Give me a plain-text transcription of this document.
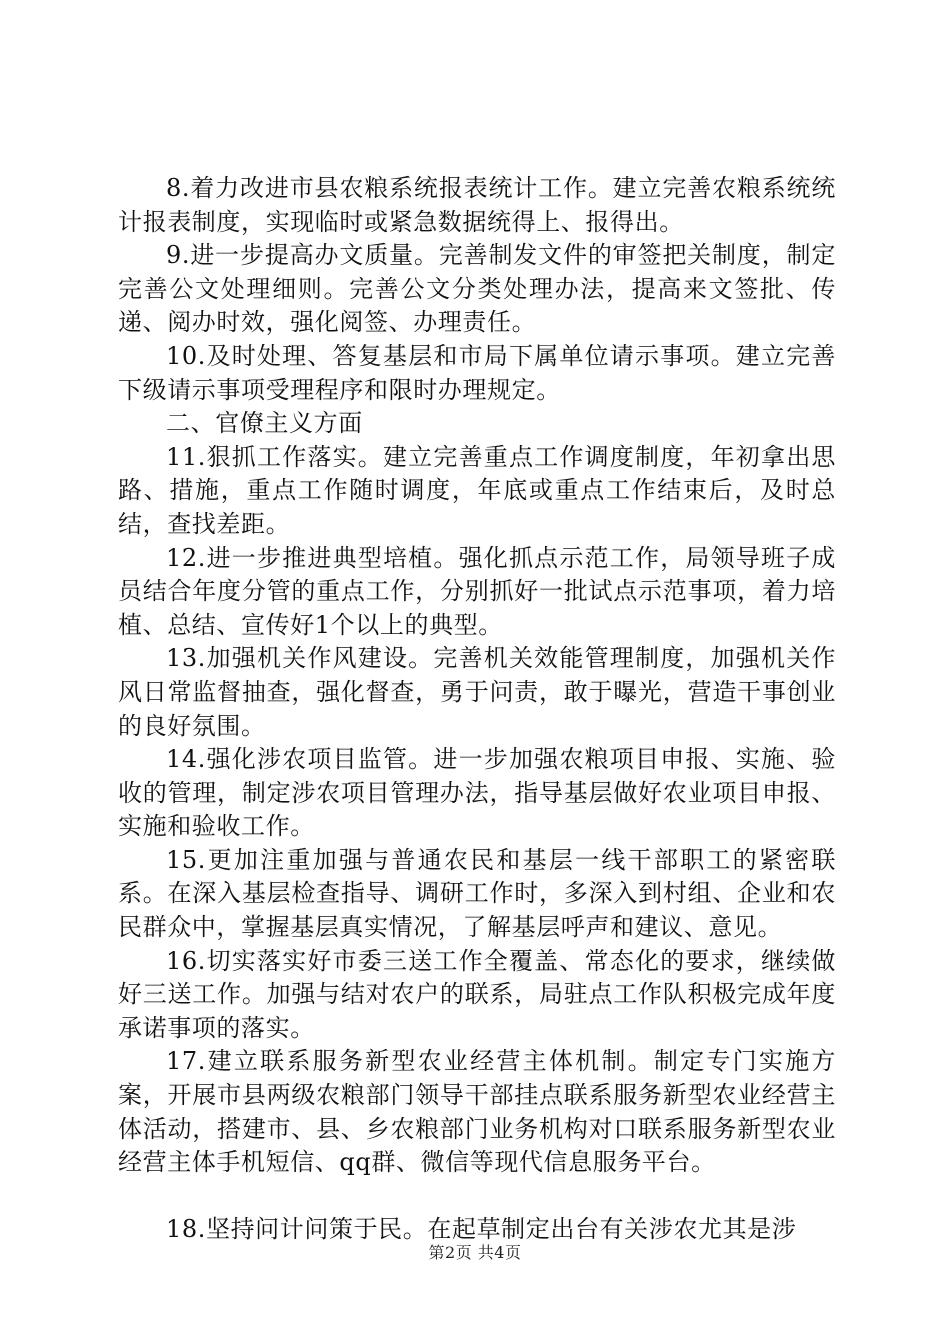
8.着力改进市县农粮系统报表统计工作。建立完善农粮系统统计报表制度，实现临时或紧急数据统得上、报得出。

9.进一步提高办文质量。完善制发文件的审签把关制度，制定完善公文处理细则。完善公文分类处理办法，提高来文签批、传递、阅办时效，强化阅签、办理责任。

10.及时处理、答复基层和市局下属单位请示事项。建立完善下级请示事项受理程序和限时办理规定。

二、官僚主义方面

11.狠抓工作落实。建立完善重点工作调度制度，年初拿出思路、措施，重点工作随时调度，年底或重点工作结束后，及时总结，查找差距。

12.进一步推进典型培植。强化抓点示范工作，局领导班子成员结合年度分管的重点工作，分别抓好一批试点示范事项，着力培植、总结、宣传好1个以上的典型。

13.加强机关作风建设。完善机关效能管理制度，加强机关作风日常监督抽查，强化督查，勇于问责，敢于曝光，营造干事创业的良好氛围。

14.强化涉农项目监管。进一步加强农粮项目申报、实施、验收的管理，制定涉农项目管理办法，指导基层做好农业项目申报、实施和验收工作。

15.更加注重加强与普通农民和基层一线干部职工的紧密联系。在深入基层检查指导、调研工作时，多深入到村组、企业和农民群众中，掌握基层真实情况，了解基层呼声和建议、意见。

16.切实落实好市委三送工作全覆盖、常态化的要求，继续做好三送工作。加强与结对农户的联系，局驻点工作队积极完成年度承诺事项的落实。

17.建立联系服务新型农业经营主体机制。制定专门实施方案，开展市县两级农粮部门领导干部挂点联系服务新型农业经营主体活动，搭建市、县、乡农粮部门业务机构对口联系服务新型农业经营主体手机短信、qq群、微信等现代信息服务平台。

18.坚持问计问策于民。在起草制定出台有关涉农尤其是涉

第2页 共4页
